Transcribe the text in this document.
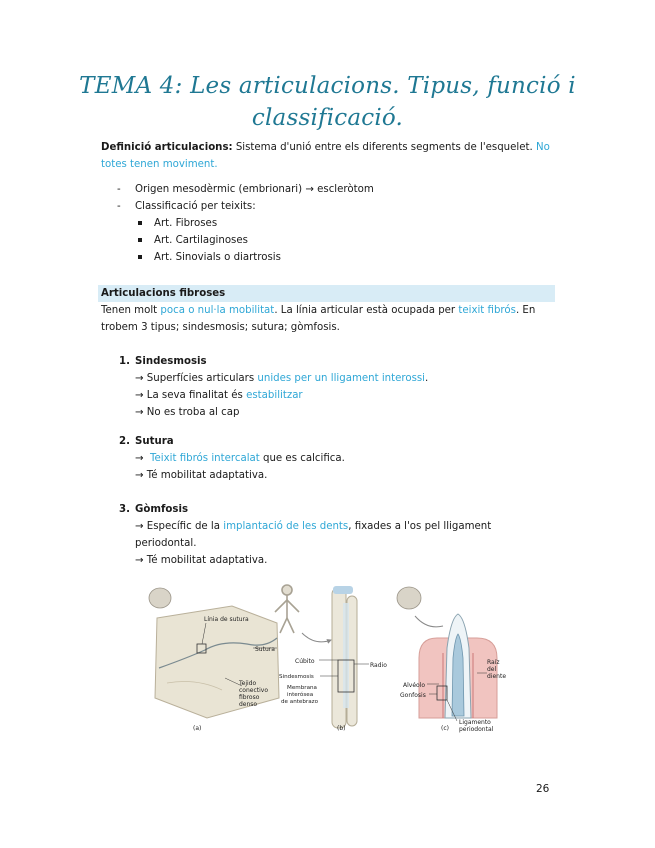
TEMA 4: Les articulacions. Tipus, funció i
classificació.
Definició articulacions: Sistema d'unió entre els diferents segments de l'esquelet. No totes tenen moviment.
- Origen mesodèrmic (embrionari) → escleròtom
- Classificació per teixits:
Art. Fibroses
Art. Cartilaginoses
Art. Sinovials o diartrosis
Articulacions fibroses
Tenen molt poca o nul·la mobilitat. La línia articular està ocupada per teixit fibrós. En trobem 3 tipus; sindesmosis; sutura; gòmfosis.
1. Sindesmosis
→ Superfícies articulars unides per un lligament interossi.
→ La seva finalitat és estabilitzar
→ No es troba al cap
2. Sutura
→ Teixit fibrós intercalat que es calcifica.
→ Té mobilitat adaptativa.
3. Gòmfosis
→ Específic de la implantació de les dents, fixades a l'os pel lligament periodontal.
→ Té mobilitat adaptativa.
Línia de sutura
Sutura
Tejido
conectivo
fibroso
denso
(a)
Cúbito
Radio
Sindesmosis
Membrana
interósea
de antebrazo
(b)
Alvéolo
Gonfosis
Raíz
del
diente
Ligamento
periodontal
(c)
26
